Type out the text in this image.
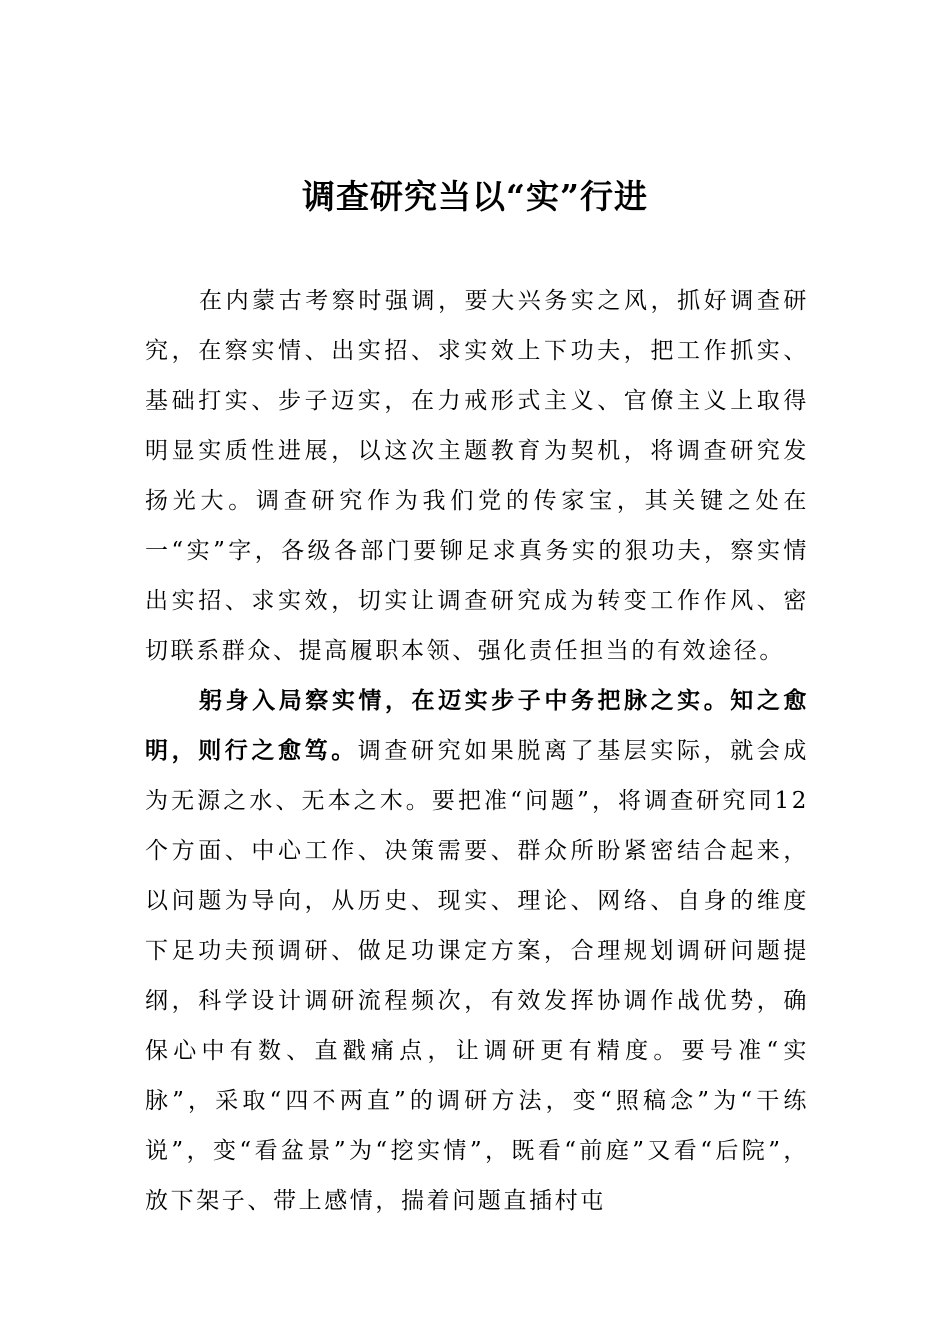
调查研究当以“实”行进

在内蒙古考察时强调，要大兴务实之风，抓好调查研究，在察实情、出实招、求实效上下功夫，把工作抓实、基础打实、步子迈实，在力戒形式主义、官僚主义上取得明显实质性进展，以这次主题教育为契机，将调查研究发扬光大。调查研究作为我们党的传家宝，其关键之处在一“实”字，各级各部门要铆足求真务实的狠功夫，察实情出实招、求实效，切实让调查研究成为转变工作作风、密切联系群众、提高履职本领、强化责任担当的有效途径。

躬身入局察实情，在迈实步子中务把脉之实。知之愈明，则行之愈笃。调查研究如果脱离了基层实际，就会成为无源之水、无本之木。要把准“问题”，将调查研究同12个方面、中心工作、决策需要、群众所盼紧密结合起来，以问题为导向，从历史、现实、理论、网络、自身的维度下足功夫预调研、做足功课定方案，合理规划调研问题提纲，科学设计调研流程频次，有效发挥协调作战优势，确保心中有数、直戳痛点，让调研更有精度。要号准“实脉”，采取“四不两直”的调研方法，变“照稿念”为“干练说”，变“看盆景”为“挖实情”，既看“前庭”又看“后院”，放下架子、带上感情，揣着问题直插村屯
